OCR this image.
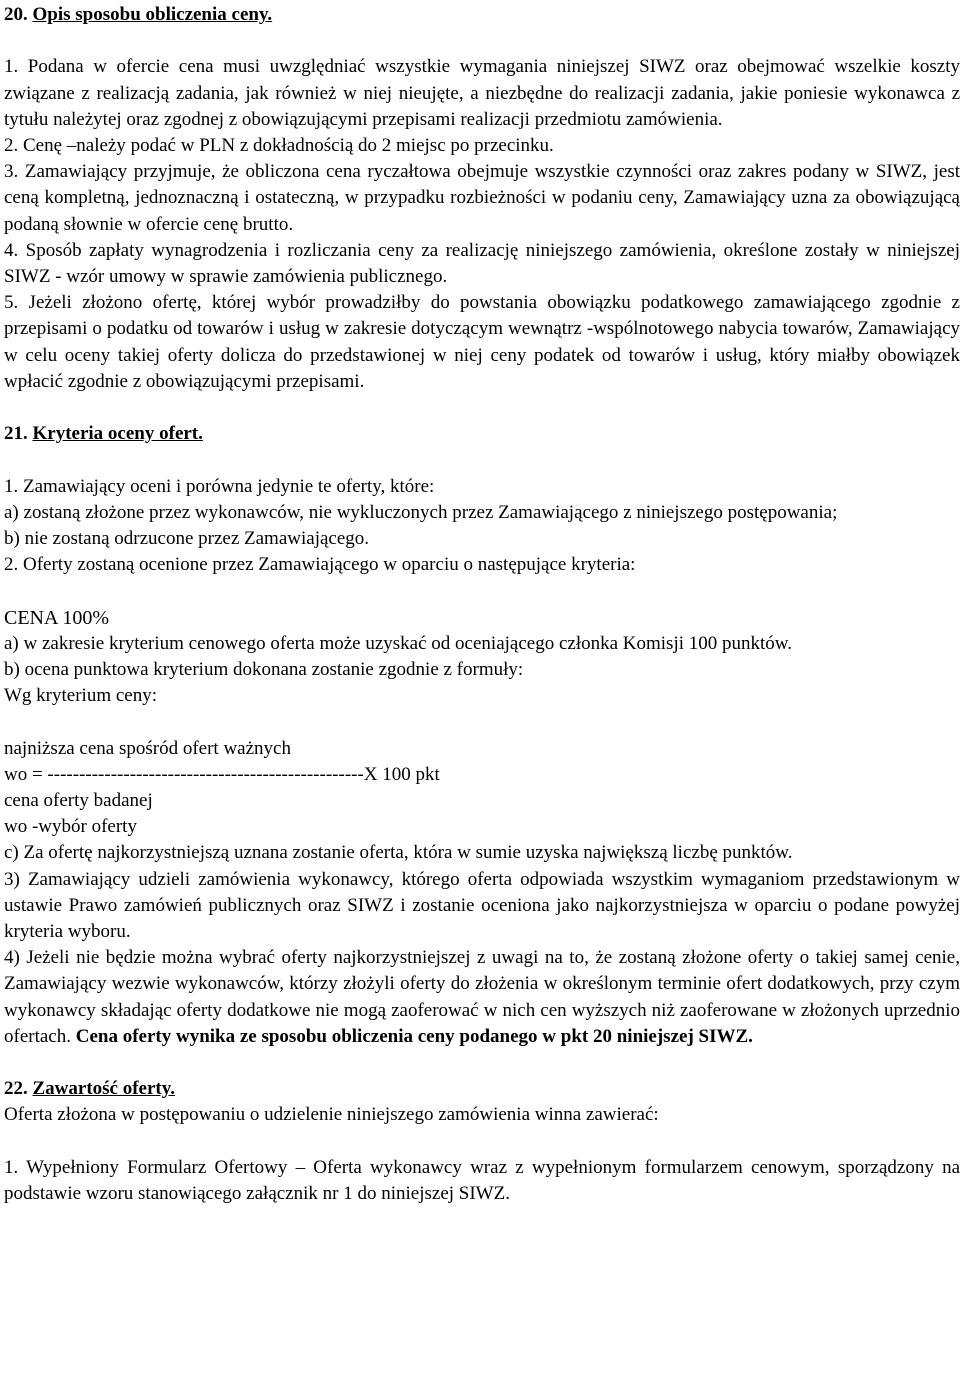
20. Opis sposobu obliczenia ceny.

1. Podana w ofercie cena musi uwzględniać wszystkie wymagania niniejszej SIWZ oraz obejmować wszelkie koszty związane z realizacją zadania, jak również w niej nieujęte, a niezbędne do realizacji zadania, jakie poniesie wykonawca z tytułu należytej oraz zgodnej z obowiązującymi przepisami realizacji przedmiotu zamówienia.

2. Cenę –należy podać w PLN z dokładnością do 2 miejsc po przecinku.

3. Zamawiający przyjmuje, że obliczona cena ryczałtowa obejmuje wszystkie czynności oraz zakres podany w SIWZ, jest ceną kompletną, jednoznaczną i ostateczną, w przypadku rozbieżności w podaniu ceny, Zamawiający uzna za obowiązującą podaną słownie w ofercie cenę brutto.

4. Sposób zapłaty wynagrodzenia i rozliczania ceny za realizację niniejszego zamówienia, określone zostały w niniejszej SIWZ - wzór umowy w sprawie zamówienia publicznego.

5. Jeżeli złożono ofertę, której wybór prowadziłby do powstania obowiązku podatkowego zamawiającego zgodnie z przepisami o podatku od towarów i usług w zakresie dotyczącym wewnątrz -wspólnotowego nabycia towarów, Zamawiający w celu oceny takiej oferty dolicza do przedstawionej w niej ceny podatek od towarów i usług, który miałby obowiązek wpłacić zgodnie z obowiązującymi przepisami.

21. Kryteria oceny ofert.

1. Zamawiający oceni i porówna jedynie te oferty, które:

a) zostaną złożone przez wykonawców, nie wykluczonych przez Zamawiającego z niniejszego postępowania;

b) nie zostaną odrzucone przez Zamawiającego.

2. Oferty zostaną ocenione przez Zamawiającego w oparciu o następujące kryteria:

CENA 100%

a) w zakresie kryterium cenowego oferta może uzyskać od oceniającego członka Komisji 100 punktów.

b) ocena punktowa kryterium dokonana zostanie zgodnie z formuły:

Wg kryterium ceny:

najniższa cena spośród ofert ważnych

wo = --------------------------------------------------X 100 pkt

cena oferty badanej

wo -wybór oferty

c) Za ofertę najkorzystniejszą uznana zostanie oferta, która w sumie uzyska największą liczbę punktów.

3) Zamawiający udzieli zamówienia wykonawcy, którego oferta odpowiada wszystkim wymaganiom przedstawionym w ustawie Prawo zamówień publicznych oraz SIWZ i zostanie oceniona jako najkorzystniejsza w oparciu o podane powyżej kryteria wyboru.

4) Jeżeli nie będzie można wybrać oferty najkorzystniejszej z uwagi na to, że zostaną złożone oferty o takiej samej cenie, Zamawiający wezwie wykonawców, którzy złożyli oferty do złożenia w określonym terminie ofert dodatkowych, przy czym wykonawcy składając oferty dodatkowe nie mogą zaoferować w nich cen wyższych niż zaoferowane w złożonych uprzednio ofertach. Cena oferty wynika ze sposobu obliczenia ceny podanego w pkt 20 niniejszej SIWZ.

22. Zawartość oferty.

Oferta złożona w postępowaniu o udzielenie niniejszego zamówienia winna zawierać:

1. Wypełniony Formularz Ofertowy – Oferta wykonawcy wraz z wypełnionym formularzem cenowym, sporządzony na podstawie wzoru stanowiącego załącznik nr 1 do niniejszej SIWZ.
